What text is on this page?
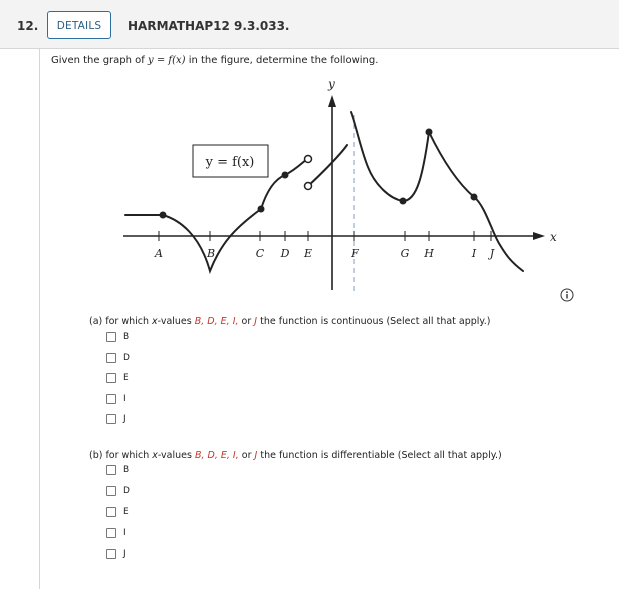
12.	DETAILS	HARMATHAP12 9.3.033.
Given the graph of y = f(x) in the figure, determine the following.
A	B	C D E	F	G H	I J
x
y
y = f(x)
(a) for which x-values B, D, E, I, or J the function is continuous (Select all that apply.)
B
D
E
I
J
(b) for which x-values B, D, E, I, or J the function is differentiable (Select all that apply.)
B
D
E
I
J
